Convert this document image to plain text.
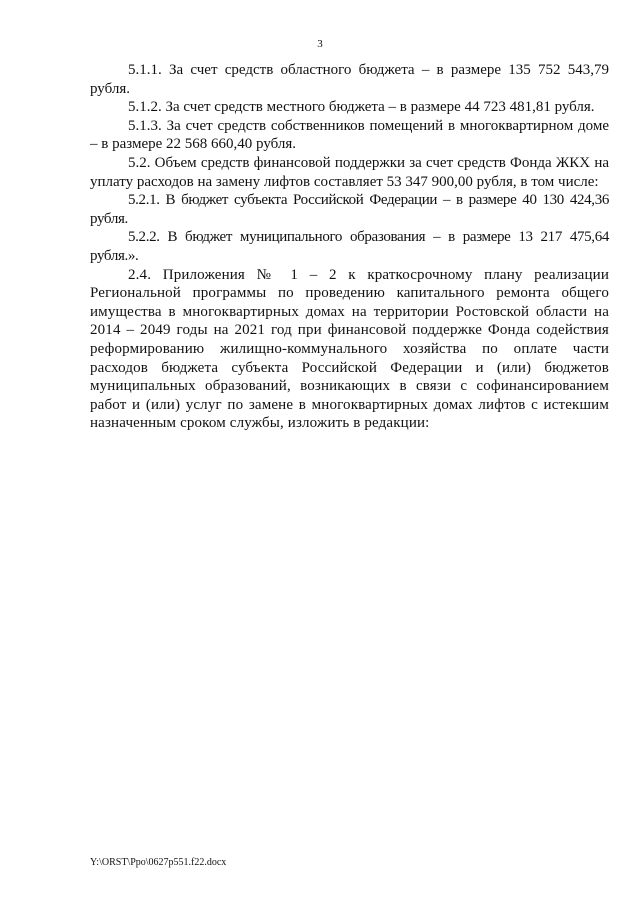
3

5.1.1. За счет средств областного бюджета – в размере 135 752 543,79 рубля.

5.1.2. За счет средств местного бюджета – в размере 44 723 481,81 рубля.

5.1.3. За счет средств собственников помещений в многоквартирном доме – в размере 22 568 660,40 рубля.

5.2. Объем средств финансовой поддержки за счет средств Фонда ЖКХ на уплату расходов на замену лифтов составляет 53 347 900,00 рубля, в том числе:

5.2.1. В бюджет субъекта Российской Федерации – в размере 40 130 424,36 рубля.

5.2.2. В бюджет муниципального образования – в размере 13 217 475,64 рубля.».

2.4. Приложения № 1 – 2 к краткосрочному плану реализации Региональной программы по проведению капитального ремонта общего имущества в многоквартирных домах на территории Ростовской области на 2014 – 2049 годы на 2021 год при финансовой поддержке Фонда содействия реформированию жилищно-коммунального хозяйства по оплате части расходов бюджета субъекта Российской Федерации и (или) бюджетов муниципальных образований, возникающих в связи с софинансированием работ и (или) услуг по замене в многоквартирных домах лифтов с истекшим назначенным сроком службы, изложить в редакции:

Y:\ORST\Ppo\0627p551.f22.docx
